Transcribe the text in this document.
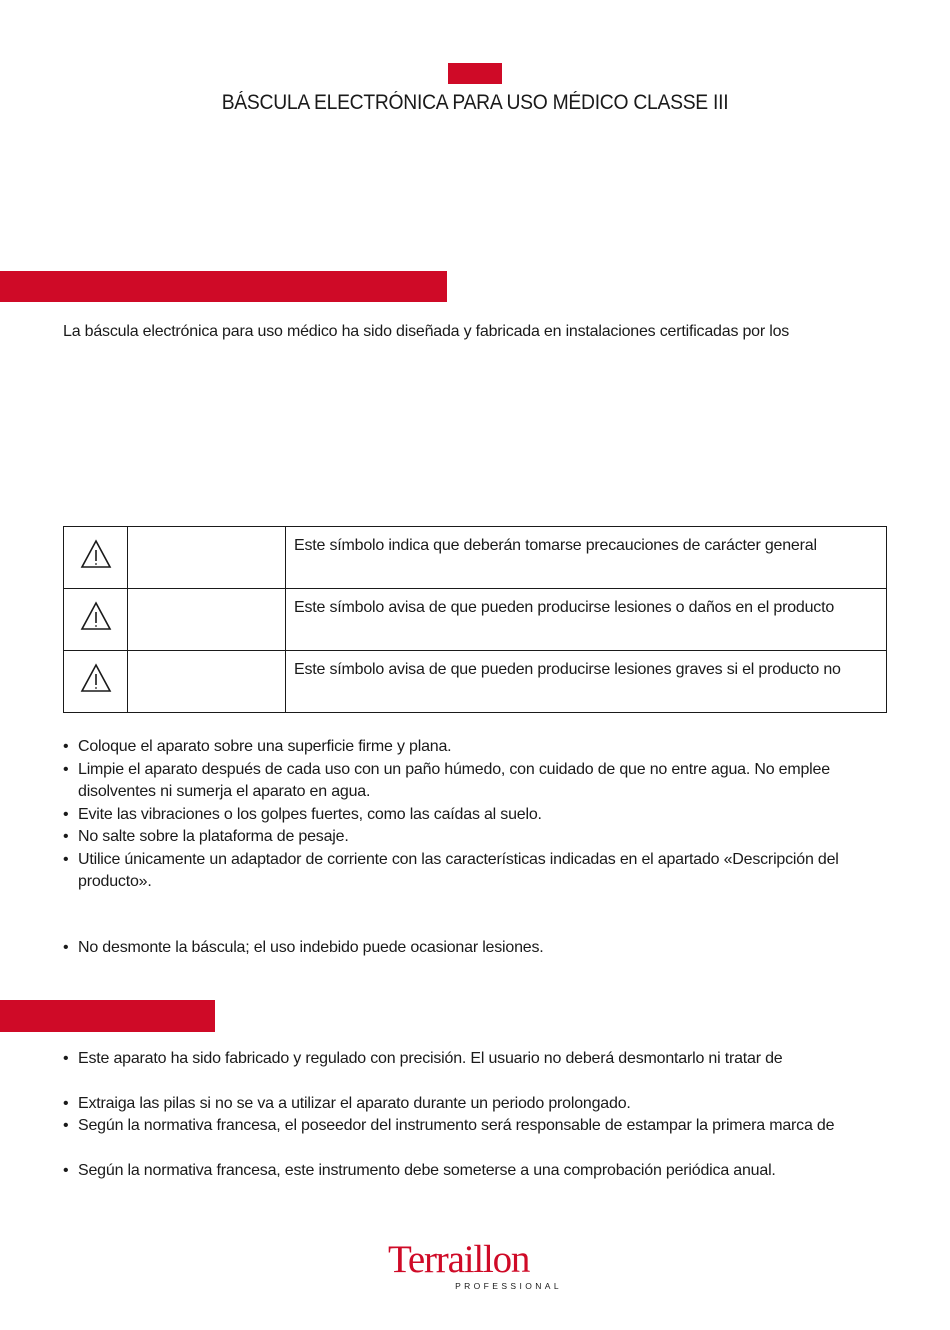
BÁSCULA ELECTRÓNICA PARA USO MÉDICO CLASSE III
La báscula electrónica para uso médico ha sido diseñada y fabricada en instalaciones certificadas por los
		Este símbolo indica que deberán tomarse precauciones de carácter general
		Este símbolo avisa de que pueden producirse lesiones o daños en el producto
		Este símbolo avisa de que pueden producirse lesiones graves si el producto no
• Coloque el aparato sobre una superficie firme y plana.
• Limpie el aparato después de cada uso con un paño húmedo, con cuidado de que no entre agua. No emplee disolventes ni sumerja el aparato en agua.
• Evite las vibraciones o los golpes fuertes, como las caídas al suelo.
• No salte sobre la plataforma de pesaje.
• Utilice únicamente un adaptador de corriente con las características indicadas en el apartado «Descripción del producto».
• No desmonte la báscula; el uso indebido puede ocasionar lesiones.
• Este aparato ha sido fabricado y regulado con precisión. El usuario no deberá desmontarlo ni tratar de
• Extraiga las pilas si no se va a utilizar el aparato durante un periodo prolongado.
• Según la normativa francesa, el poseedor del instrumento será responsable de estampar la primera marca de
• Según la normativa francesa, este instrumento debe someterse a una comprobación periódica anual.
Terraillon
PROFESSIONAL
